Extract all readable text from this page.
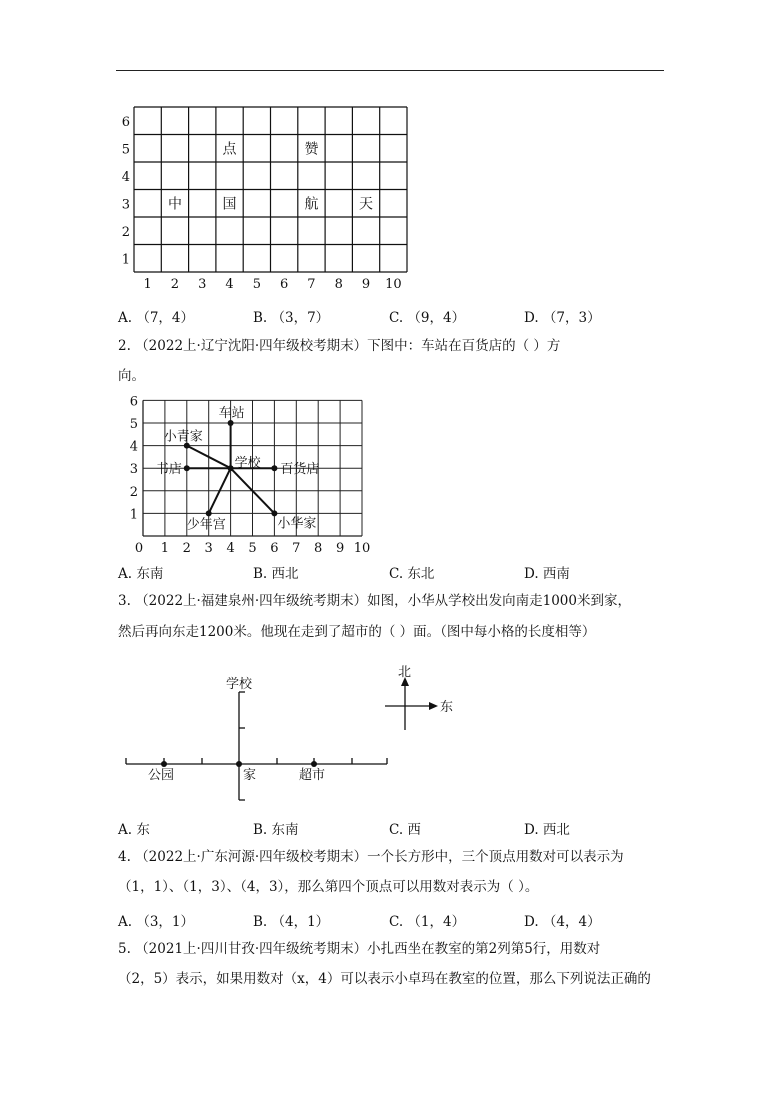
6
5
4
3
2
1
1 2 3 4 5 6 7 8 9 10
点	赞
中	国	航	天
A. （7，4）	B. （3，7）	C. （9，4）	D. （7，3）
2. （2022上·辽宁沈阳·四年级校考期末）下图中：车站在百货店的（ ）方
向。
0 1 2 3 4 5 6 7 8 9 10
1
2
3
4
5
6
车站
小青家
学校
书店	百货店
少年宫	小华家
A. 东南	B. 西北	C. 东北	D. 西南
3. （2022上·福建泉州·四年级统考期末）如图，小华从学校出发向南走1000米到家，
然后再向东走1200米。他现在走到了超市的（ ）面。（图中每小格的长度相等）
学校
家
公园	超市
北
东
A. 东	B. 东南	C. 西	D. 西北
4. （2022上·广东河源·四年级校考期末）一个长方形中，三个顶点用数对可以表示为
（1，1）、（1，3）、（4，3），那么第四个顶点可以用数对表示为（ ）。
A. （3，1）	B. （4，1）	C. （1，4）	D. （4，4）
5. （2021上·四川甘孜·四年级统考期末）小扎西坐在教室的第2列第5行，用数对
（2，5）表示，如果用数对（x，4）可以表示小卓玛在教室的位置，那么下列说法正确的
